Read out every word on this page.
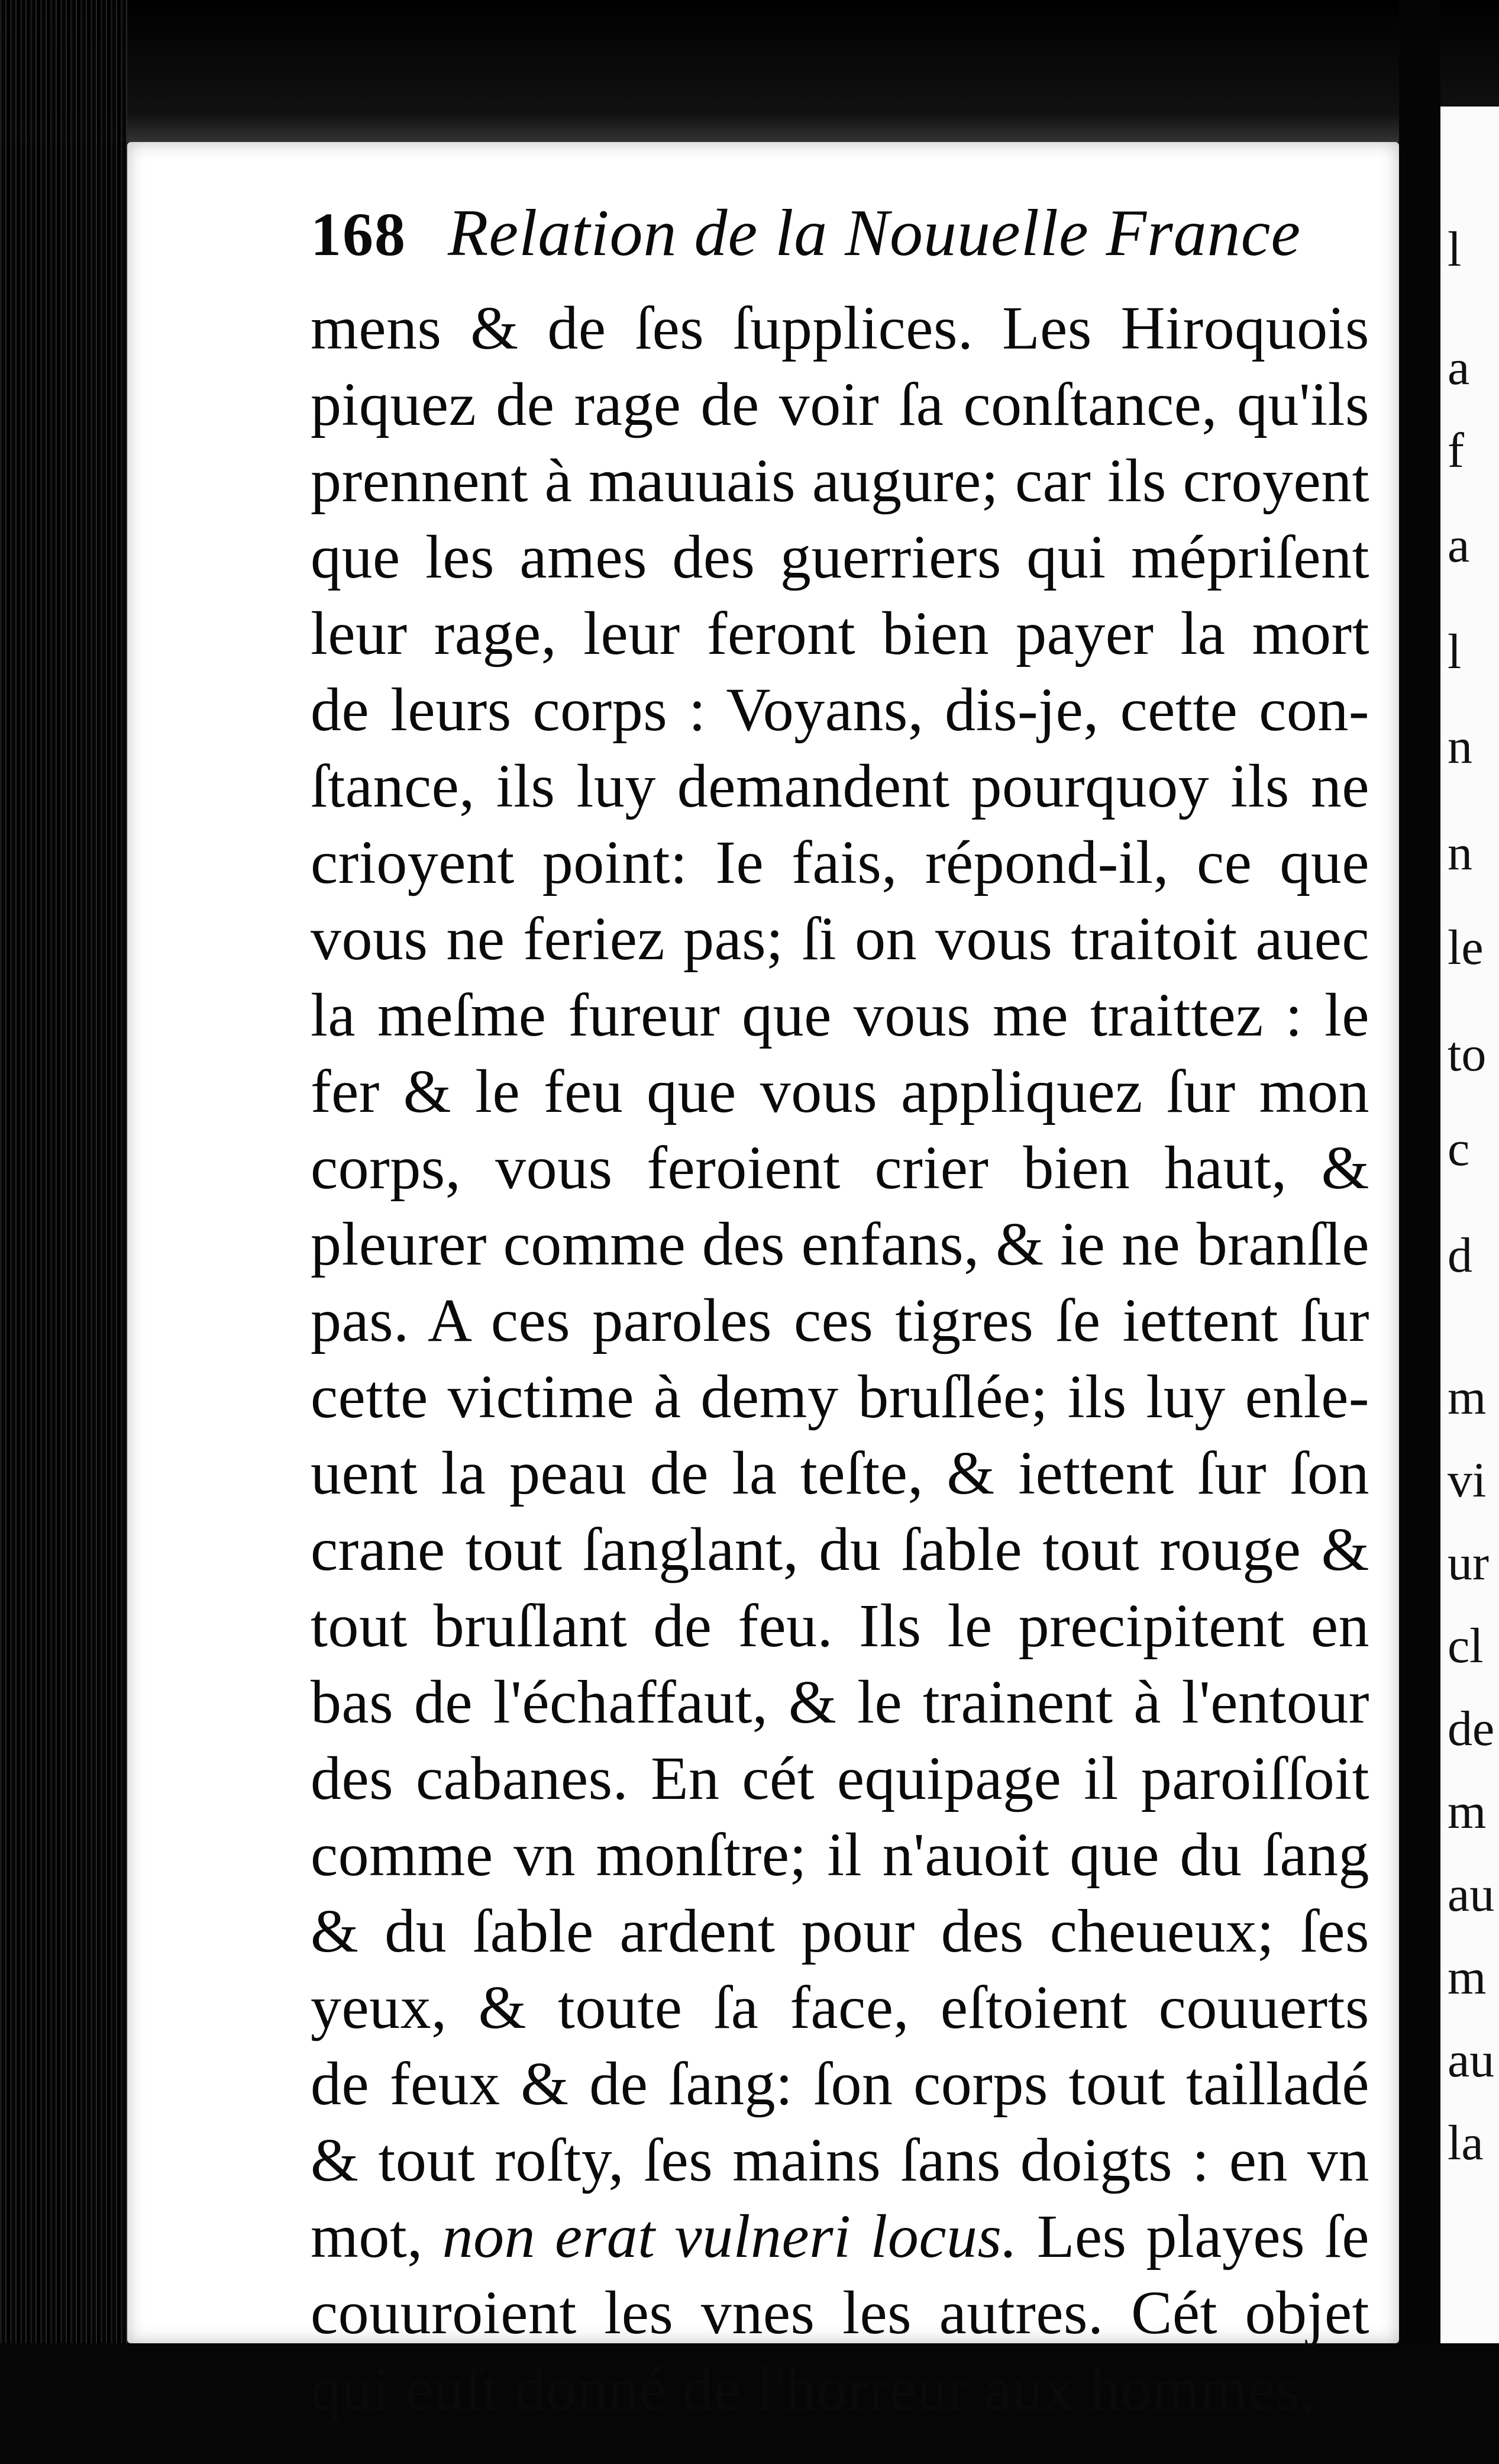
l
a
f
a
l
n
n
le
to
c
d
m
vi
ur
cl
de
m
au
m
au
la
168 Relation de la Nouuelle France
mens & de ſes ſupplices. Les Hiroquois
piquez de rage de voir ſa conſtance, qu'ils
prennent à mauuais augure; car ils croyent
que les ames des guerriers qui mépriſent
leur rage, leur feront bien payer la mort
de leurs corps : Voyans, dis-je, cette con-
ſtance, ils luy demandent pourquoy ils ne
crioyent point: Ie fais, répond-il, ce que
vous ne feriez pas; ſi on vous traitoit auec
la meſme fureur que vous me traittez : le
fer & le feu que vous appliquez ſur mon
corps, vous feroient crier bien haut, &
pleurer comme des enfans, & ie ne branſle
pas. A ces paroles ces tigres ſe iettent ſur
cette victime à demy bruſlée; ils luy enle-
uent la peau de la teſte, & iettent ſur ſon
crane tout ſanglant, du ſable tout rouge &
tout bruſlant de feu. Ils le precipitent en
bas de l'échaffaut, & le trainent à l'entour
des cabanes. En cét equipage il paroiſſoit
comme vn monſtre; il n'auoit que du ſang
& du ſable ardent pour des cheueux; ſes
yeux, & toute ſa face, eſtoient couuerts
de feux & de ſang: ſon corps tout tailladé
& tout roſty, ſes mains ſans doigts : en vn
mot, non erat vulneri locus. Les playes ſe
couuroient les vnes les autres. Cét objet
qui euſt donné de l'horreur aux hommes,
